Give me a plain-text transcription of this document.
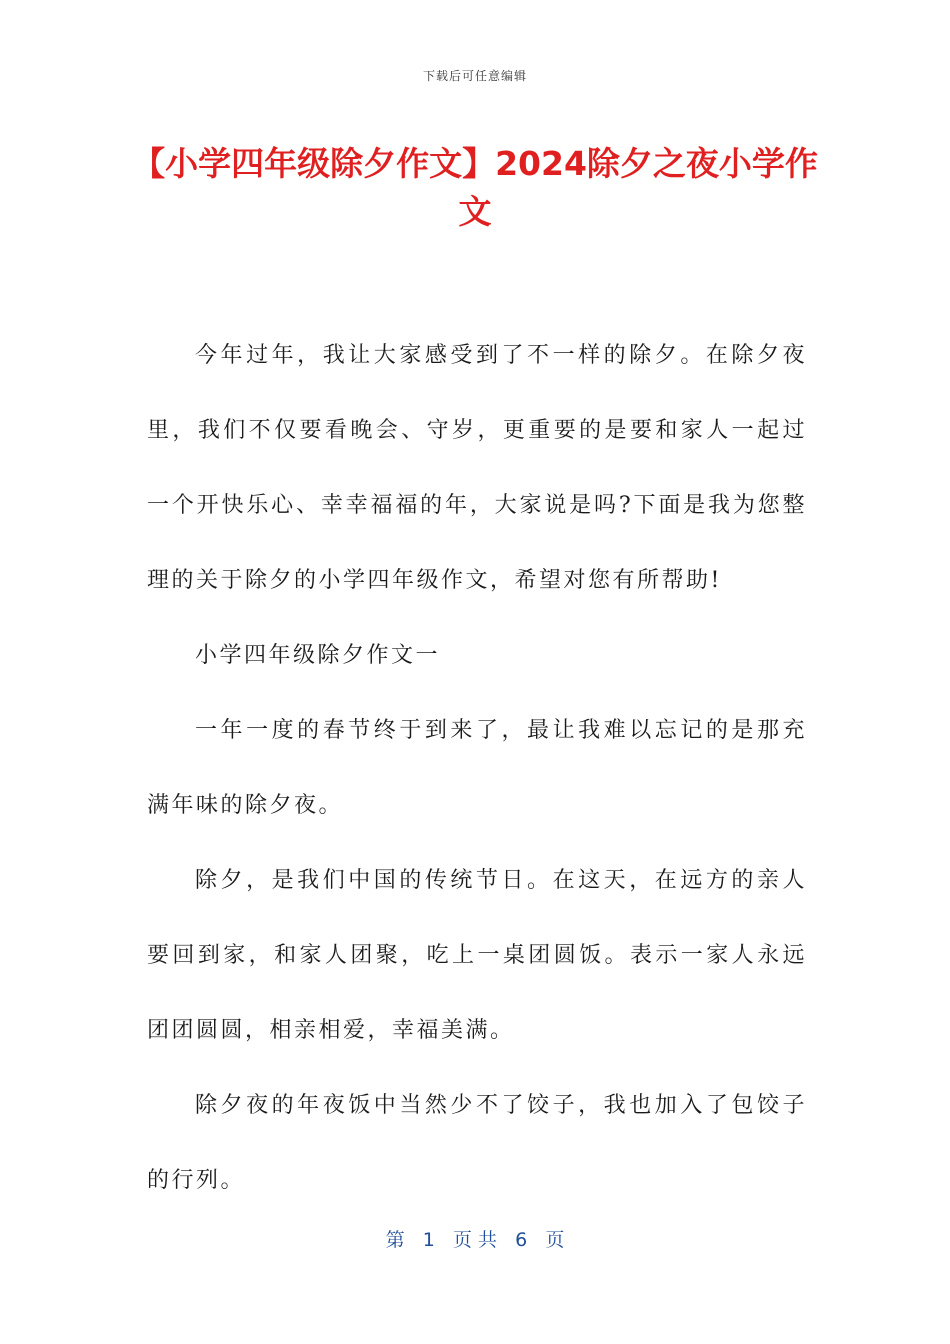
下载后可任意编辑
【小学四年级除夕作文】2024除夕之夜小学作文

今年过年，我让大家感受到了不一样的除夕。在除夕夜里，我们不仅要看晚会、守岁，更重要的是要和家人一起过一个开快乐心、幸幸福福的年，大家说是吗?下面是我为您整理的关于除夕的小学四年级作文，希望对您有所帮助!

小学四年级除夕作文一

一年一度的春节终于到来了，最让我难以忘记的是那充满年味的除夕夜。

除夕，是我们中国的传统节日。在这天，在远方的亲人要回到家，和家人团聚，吃上一桌团圆饭。表示一家人永远团团圆圆，相亲相爱，幸福美满。

除夕夜的年夜饭中当然少不了饺子，我也加入了包饺子的行列。

第 1 页 共 6 页
